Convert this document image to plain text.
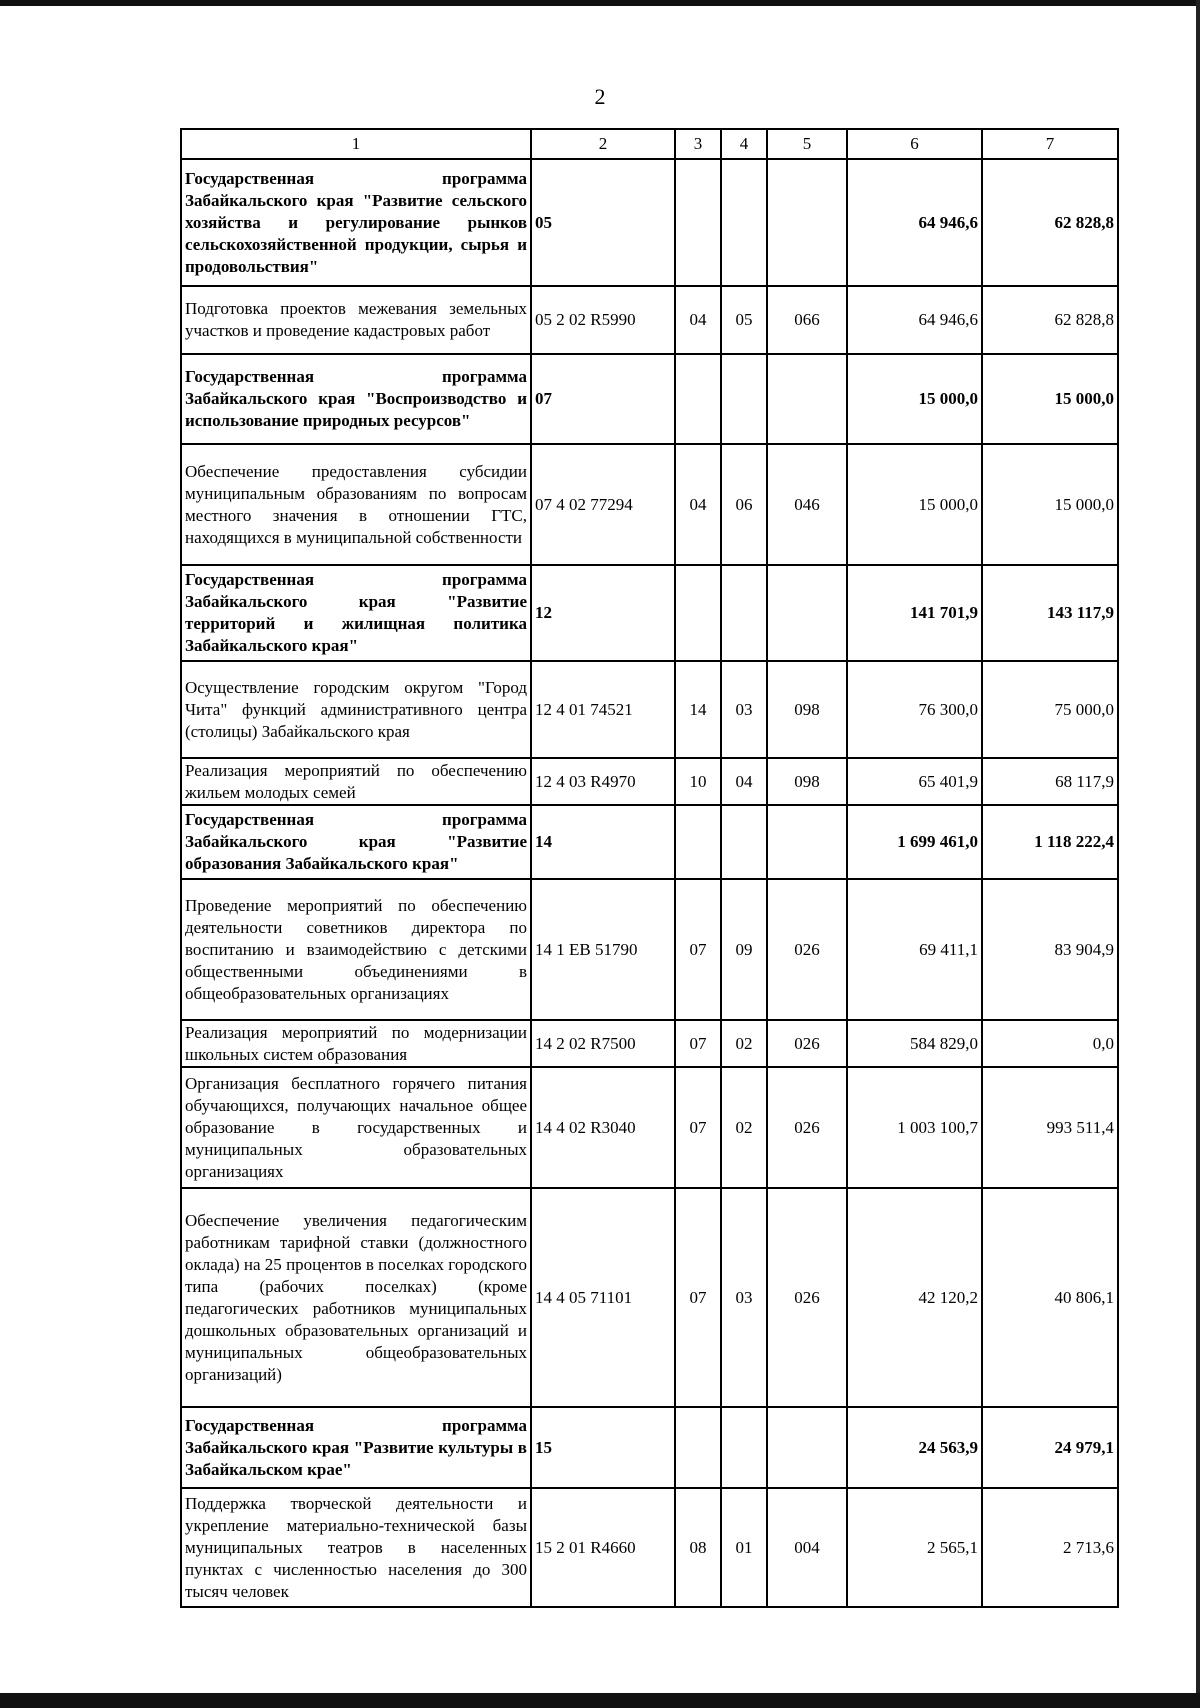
2
1	2	3	4	5	6	7
Государственная программа Забайкальского края "Развитие сельского хозяйства и регулирование рынков сельскохозяйственной продукции, сырья и продовольствия"	05				64 946,6	62 828,8
Подготовка проектов межевания земельных участков и проведение кадастровых работ	05 2 02 R5990	04	05	066	64 946,6	62 828,8
Государственная программа Забайкальского края "Воспроизводство и использование природных ресурсов"	07				15 000,0	15 000,0
Обеспечение предоставления субсидии муниципальным образованиям по вопросам местного значения в отношении ГТС, находящихся в муниципальной собственности	07 4 02 77294	04	06	046	15 000,0	15 000,0
Государственная программа Забайкальского края "Развитие территорий и жилищная политика Забайкальского края"	12				141 701,9	143 117,9
Осуществление городским округом "Город Чита" функций административного центра (столицы) Забайкальского края	12 4 01 74521	14	03	098	76 300,0	75 000,0
Реализация мероприятий по обеспечению жильем молодых семей	12 4 03 R4970	10	04	098	65 401,9	68 117,9
Государственная программа Забайкальского края "Развитие образования Забайкальского края"	14				1 699 461,0	1 118 222,4
Проведение мероприятий по обеспечению деятельности советников директора по воспитанию и взаимодействию с детскими общественными объединениями в общеобразовательных организациях	14 1 EB 51790	07	09	026	69 411,1	83 904,9
Реализация мероприятий по модернизации школьных систем образования	14 2 02 R7500	07	02	026	584 829,0	0,0
Организация бесплатного горячего питания обучающихся, получающих начальное общее образование в государственных и муниципальных образовательных организациях	14 4 02 R3040	07	02	026	1 003 100,7	993 511,4
Обеспечение увеличения педагогическим работникам тарифной ставки (должностного оклада) на 25 процентов в поселках городского типа (рабочих поселках) (кроме педагогических работников муниципальных дошкольных образовательных организаций и муниципальных общеобразовательных организаций)	14 4 05 71101	07	03	026	42 120,2	40 806,1
Государственная программа Забайкальского края "Развитие культуры в Забайкальском крае"	15				24 563,9	24 979,1
Поддержка творческой деятельности и укрепление материально-технической базы муниципальных театров в населенных пунктах с численностью населения до 300 тысяч человек	15 2 01 R4660	08	01	004	2 565,1	2 713,6
